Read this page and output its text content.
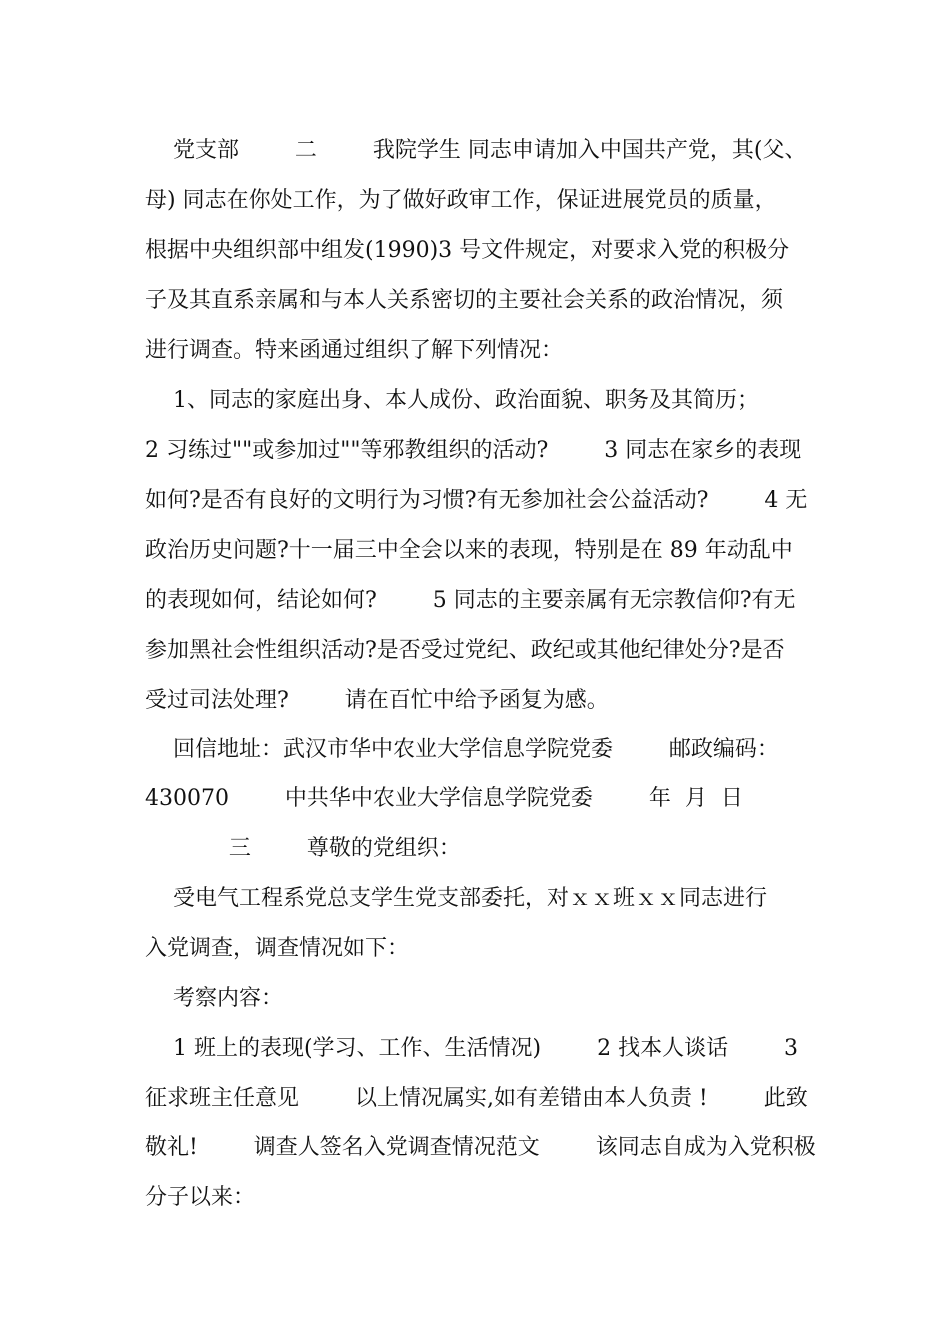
党支部        二        我院学生 同志申请加入中国共产党，其(父、
母) 同志在你处工作，为了做好政审工作，保证进展党员的质量，
根据中央组织部中组发(1990)3 号文件规定，对要求入党的积极分
子及其直系亲属和与本人关系密切的主要社会关系的政治情况，须
进行调查。特来函通过组织了解下列情况：
1、同志的家庭出身、本人成份、政治面貌、职务及其简历；
2 习练过""或参加过""等邪教组织的活动?        3 同志在家乡的表现
如何?是否有良好的文明行为习惯?有无参加社会公益活动?        4 无
政治历史问题?十一届三中全会以来的表现，特别是在 89 年动乱中
的表现如何，结论如何?        5 同志的主要亲属有无宗教信仰?有无
参加黑社会性组织活动?是否受过党纪、政纪或其他纪律处分?是否
受过司法处理?        请在百忙中给予函复为感。
回信地址：武汉市华中农业大学信息学院党委        邮政编码：
430070        中共华中农业大学信息学院党委        年  月  日
三        尊敬的党组织：
受电气工程系党总支学生党支部委托，对ｘｘ班ｘｘ同志进行
入党调查，调查情况如下：
考察内容：
1 班上的表现(学习、工作、生活情况)        2 找本人谈话        3
征求班主任意见        以上情况属实,如有差错由本人负责 !        此致
敬礼!        调查人签名入党调查情况范文        该同志自成为入党积极
分子以来：
